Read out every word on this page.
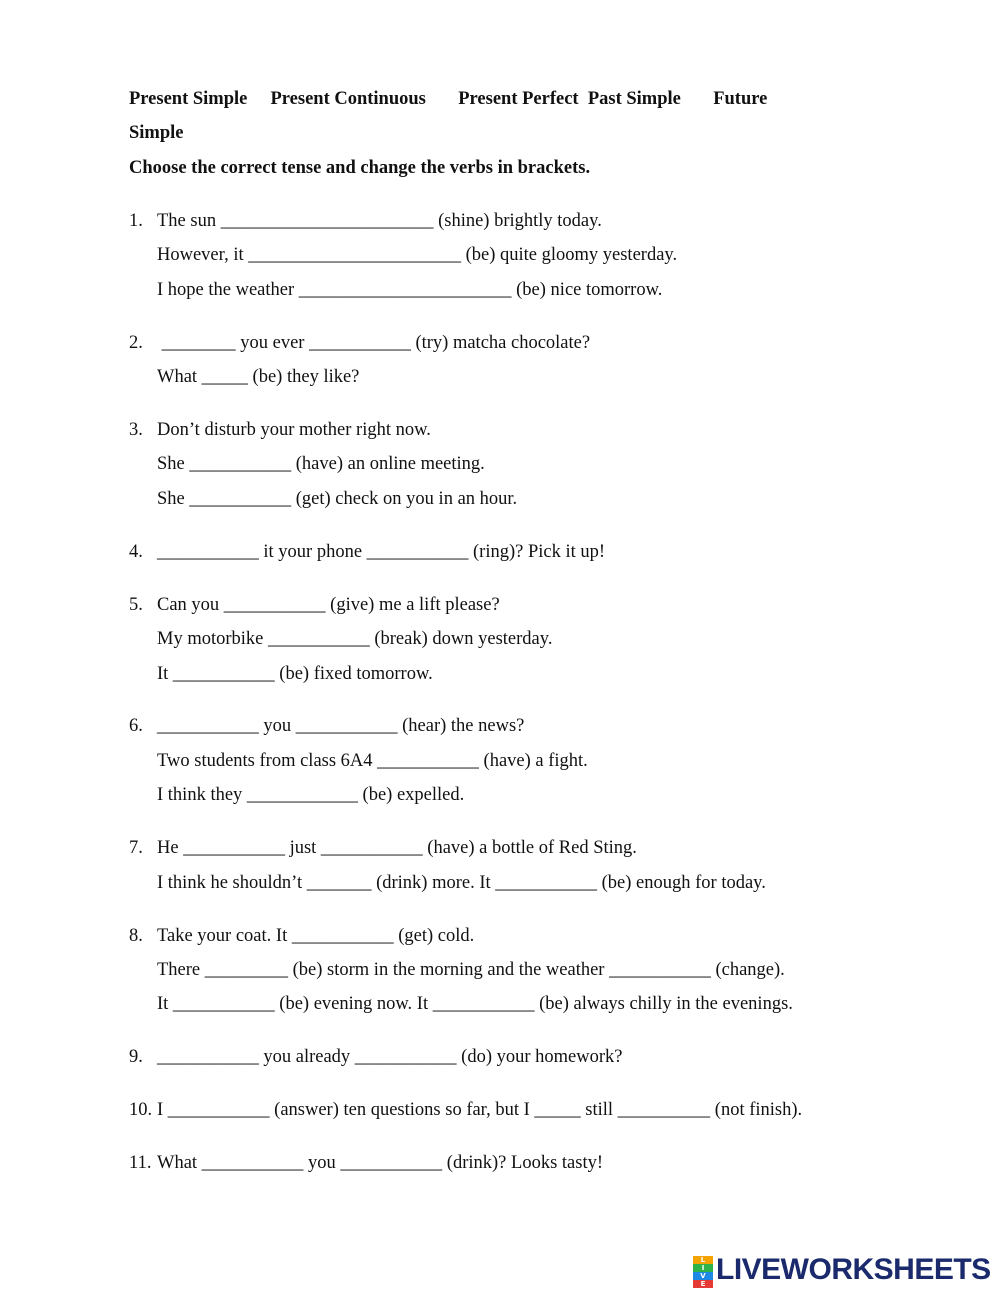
Present Simple     Present Continuous       Present Perfect  Past Simple       Future
Simple
Choose the correct tense and change the verbs in brackets.
1. The sun _______________________ (shine) brightly today.
However, it _______________________ (be) quite gloomy yesterday.
I hope the weather _______________________ (be) nice tomorrow.
2. ________ you ever ___________ (try) matcha chocolate?
What _____ (be) they like?
3. Don’t disturb your mother right now.
She ___________ (have) an online meeting.
She ___________ (get) check on you in an hour.
4. ___________ it your phone ___________ (ring)? Pick it up!
5. Can you ___________ (give) me a lift please?
My motorbike ___________ (break) down yesterday.
It ___________ (be) fixed tomorrow.
6. ___________ you ___________ (hear) the news?
Two students from class 6A4 ___________ (have) a fight.
I think they ____________ (be) expelled.
7. He ___________ just ___________ (have) a bottle of Red Sting.
I think he shouldn’t _______ (drink) more. It ___________ (be) enough for today.
8. Take your coat. It ___________ (get) cold.
There _________ (be) storm in the morning and the weather ___________ (change).
It ___________ (be) evening now. It ___________ (be) always chilly in the evenings.
9. ___________ you already ___________ (do) your homework?
10. I ___________ (answer) ten questions so far, but I _____ still __________ (not finish).
11. What ___________ you ___________ (drink)? Looks tasty!
L
I
V
E LIVEWORKSHEETS
